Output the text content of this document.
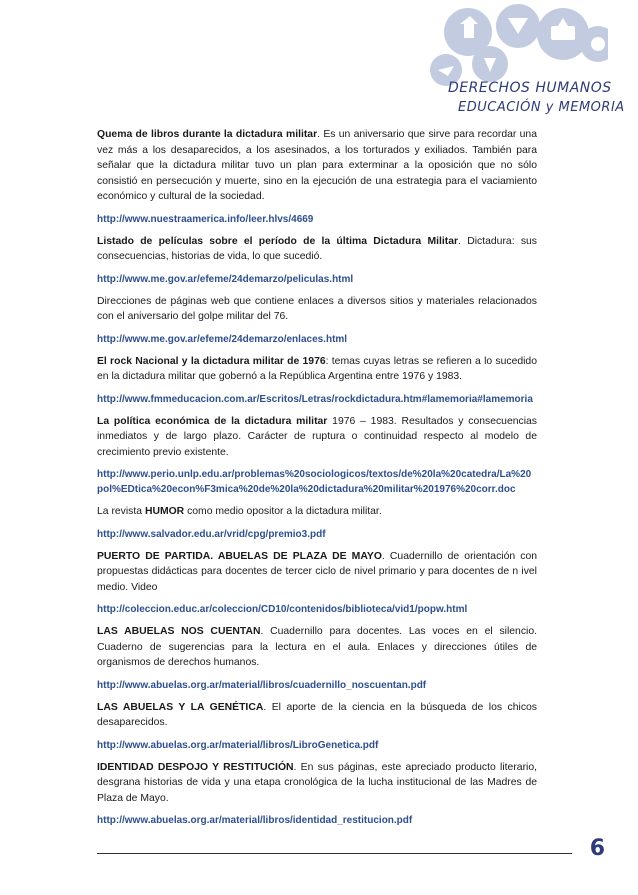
DERECHOS HUMANOS
EDUCACIÓN y MEMORIA

Quema de libros durante la dictadura militar. Es un aniversario que sirve para recordar una vez más a los desaparecidos, a los asesinados, a los torturados y exiliados. También para señalar que la dictadura militar tuvo un plan para exterminar a la oposición que no sólo consistió en persecución y muerte, sino en la ejecución de una estrategia para el vaciamiento económico y cultural de la sociedad.

http://www.nuestraamerica.info/leer.hlvs/4669

Listado de películas sobre el período de la última Dictadura Militar. Dictadura: sus consecuencias, historias de vida, lo que sucedió.

http://www.me.gov.ar/efeme/24demarzo/peliculas.html

Direcciones de páginas web que contiene enlaces a diversos sitios y materiales relacionados con el aniversario del golpe militar del 76.

http://www.me.gov.ar/efeme/24demarzo/enlaces.html

El rock Nacional y la dictadura militar de 1976: temas cuyas letras se refieren a lo sucedido en la dictadura militar que gobernó a la República Argentina entre 1976 y 1983.

http://www.fmmeducacion.com.ar/Escritos/Letras/rockdictadura.htm#lamemoria#lamemoria

La política económica de la dictadura militar 1976 – 1983. Resultados y consecuencias inmediatos y de largo plazo. Carácter de ruptura o continuidad respecto al modelo de crecimiento previo existente.

http://www.perio.unlp.edu.ar/problemas%20sociologicos/textos/de%20la%20catedra/La%20pol%EDtica%20econ%F3mica%20de%20la%20dictadura%20militar%201976%20corr.doc

La revista HUMOR como medio opositor a la dictadura militar.

http://www.salvador.edu.ar/vrid/cpg/premio3.pdf

PUERTO DE PARTIDA. ABUELAS DE PLAZA DE MAYO. Cuadernillo de orientación con propuestas didácticas para docentes de tercer ciclo de nivel primario y para docentes de n ivel medio. Video

http://coleccion.educ.ar/coleccion/CD10/contenidos/biblioteca/vid1/popw.html

LAS ABUELAS NOS CUENTAN. Cuadernillo para docentes. Las voces en el silencio. Cuaderno de sugerencias para la lectura en el aula. Enlaces y direcciones útiles de organismos de derechos humanos.

http://www.abuelas.org.ar/material/libros/cuadernillo_noscuentan.pdf

LAS ABUELAS Y LA GENÉTICA. El aporte de la ciencia en la búsqueda de los chicos desaparecidos.

http://www.abuelas.org.ar/material/libros/LibroGenetica.pdf

IDENTIDAD DESPOJO Y RESTITUCIÓN. En sus páginas, este apreciado producto literario, desgrana historias de vida y una etapa cronológica de la lucha institucional de las Madres de Plaza de Mayo.

http://www.abuelas.org.ar/material/libros/identidad_restitucion.pdf
6
